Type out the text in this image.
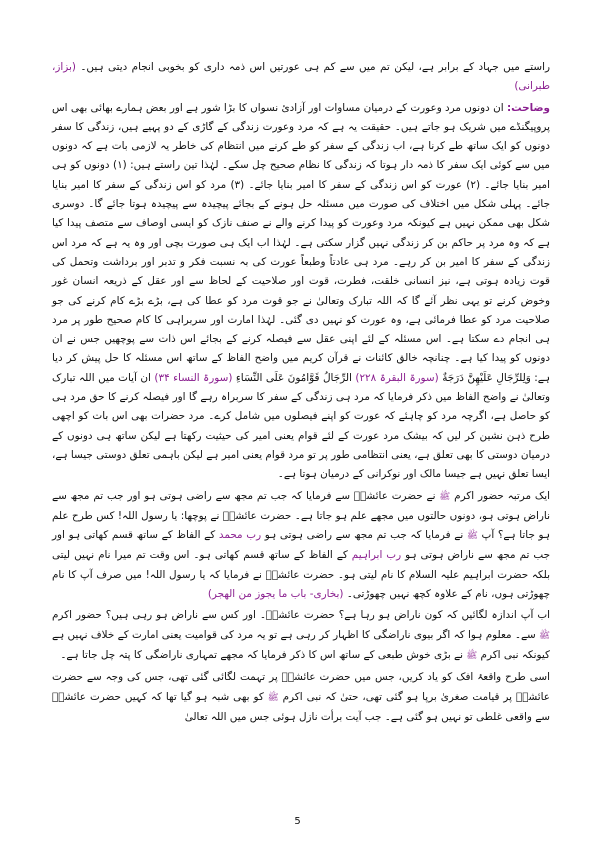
راستے میں جہاد کے برابر ہے، لیکن تم میں سے کم ہی عورتیں اس ذمہ داری کو بخوبی انجام دیتی ہیں۔ (بزاز، طبرانی)

وضاحت: ان دونوں مرد وعورت کے درمیان مساوات اور آزادیٔ نسواں کا بڑا شور ہے اور بعض ہمارے بھائی بھی اس پروپیگنڈے میں شریک ہو جاتے ہیں۔ حقیقت یہ ہے کہ مرد وعورت زندگی کے گاڑی کے دو پہیے ہیں، زندگی کا سفر دونوں کو ایک ساتھ طے کرنا ہے، اب زندگی کے سفر کو طے کرنے میں انتظام کی خاطر یہ لازمی بات ہے کہ دونوں میں سے کوئی ایک سفر کا ذمہ دار ہوتا کہ زندگی کا نظام صحیح چل سکے۔ لہٰذا تین راستے ہیں: (۱) دونوں کو ہی امیر بنایا جائے۔ (۲) عورت کو اس زندگی کے سفر کا امیر بنایا جائے۔ (۳) مرد کو اس زندگی کے سفر کا امیر بنایا جائے۔ پہلی شکل میں اختلاف کی صورت میں مسئلہ حل ہونے کے بجائے پیچیدہ سے پیچیدہ ہوتا جائے گا۔ دوسری شکل بھی ممکن نہیں ہے کیونکہ مرد وعورت کو پیدا کرنے والے نے صنف نازک کو ایسی اوصاف سے متصف پیدا کیا ہے کہ وہ مرد پر حاکم بن کر زندگی نہیں گزار سکتی ہے۔ لہٰذا اب ایک ہی صورت بچی اور وہ یہ ہے کہ مرد اس زندگی کے سفر کا امیر بن کر رہے۔ مرد ہی عادتاً وطبعاً عورت کی بہ نسبت فکر و تدبر اور برداشت وتحمل کی قوت زیادہ ہوتی ہے، نیز انسانی خلقت، فطرت، قوت اور صلاحیت کے لحاظ سے اور عقل کے ذریعہ انسان غور وخوض کرنے تو یہی نظر آئے گا کہ اللہ تبارک وتعالیٰ نے جو قوت مرد کو عطا کی ہے، بڑے بڑے کام کرنے کی جو صلاحیت مرد کو عطا فرمائی ہے، وہ عورت کو نہیں دی گئی۔ لہٰذا امارت اور سربراہی کا کام صحیح طور پر مرد ہی انجام دے سکتا ہے۔ اس مسئلہ کے لئے اپنی عقل سے فیصلہ کرنے کے بجائے اس ذات سے پوچھیں جس نے ان دونوں کو پیدا کیا ہے۔ چنانچہ خالق کائنات نے قرآن کریم میں واضح الفاظ کے ساتھ اس مسئلہ کا حل پیش کر دیا ہے: وَلِلرِّجَالِ عَلَيْهِنَّ دَرَجَةٌ (سورۃ البقرۃ ۲۲۸) الرِّجَالُ قَوَّامُونَ عَلَى النِّسَاءِ (سورۃ النساء ۳۴) ان آیات میں اللہ تبارک وتعالیٰ نے واضح الفاظ میں ذکر فرمایا کہ مرد ہی زندگی کے سفر کا سربراہ رہے گا اور فیصلہ کرنے کا حق مرد ہی کو حاصل ہے، اگرچہ مرد کو چاہئے کہ عورت کو اپنے فیصلوں میں شامل کرے۔ مرد حضرات بھی اس بات کو اچھی طرح ذہن نشین کر لیں کہ بیشک مرد عورت کے لئے قوام یعنی امیر کی حیثیت رکھتا ہے لیکن ساتھ ہی دونوں کے درمیان دوستی کا بھی تعلق ہے، یعنی انتظامی طور پر تو مرد قوام یعنی امیر ہے لیکن باہمی تعلق دوستی جیسا ہے، ایسا تعلق نہیں ہے جیسا مالک اور نوکرانی کے درمیان ہوتا ہے۔

ایک مرتبہ حضور اکرم ﷺ نے حضرت عائشہؓ سے فرمایا کہ جب تم مجھ سے راضی ہوتی ہو اور جب تم مجھ سے ناراض ہوتی ہو، دونوں حالتوں میں مجھے علم ہو جاتا ہے۔ حضرت عائشہؓ نے پوچھا: یا رسول اللہ! کس طرح علم ہو جاتا ہے؟ آپ ﷺ نے فرمایا کہ جب تم مجھ سے راضی ہوتی ہو رب محمد کے الفاظ کے ساتھ قسم کھاتی ہو اور جب تم مجھ سے ناراض ہوتی ہو رب ابراہیم کے الفاظ کے ساتھ قسم کھاتی ہو۔ اس وقت تم میرا نام نہیں لیتی بلکہ حضرت ابراہیم علیہ السلام کا نام لیتی ہو۔ حضرت عائشہؓ نے فرمایا کہ یا رسول اللہ! میں صرف آپ کا نام چھوڑتی ہوں، نام کے علاوہ کچھ نہیں چھوڑتی۔ (بخاری- باب ما یجوز من الھجر)

اب آپ اندازہ لگائیں کہ کون ناراض ہو رہا ہے؟ حضرت عائشہؓ۔ اور کس سے ناراض ہو رہی ہیں؟ حضور اکرم ﷺ سے۔ معلوم ہوا کہ اگر بیوی ناراضگی کا اظہار کر رہی ہے تو یہ مرد کی قوامیت یعنی امارت کے خلاف نہیں ہے کیونکہ نبی اکرم ﷺ نے بڑی خوش طبعی کے ساتھ اس کا ذکر فرمایا کہ مجھے تمہاری ناراضگی کا پتہ چل جاتا ہے۔

اسی طرح واقعۂ افک کو یاد کریں، جس میں حضرت عائشہؓ پر تہمت لگائی گئی تھی، جس کی وجہ سے حضرت عائشہؓ پر قیامت صغریٰ برپا ہو گئی تھی، حتیٰ کہ نبی اکرم ﷺ کو بھی شبہ ہو گیا تھا کہ کہیں حضرت عائشہؓ سے واقعی غلطی تو نہیں ہو گئی ہے۔ جب آیت برأت نازل ہوئی جس میں اللہ تعالیٰ

5
